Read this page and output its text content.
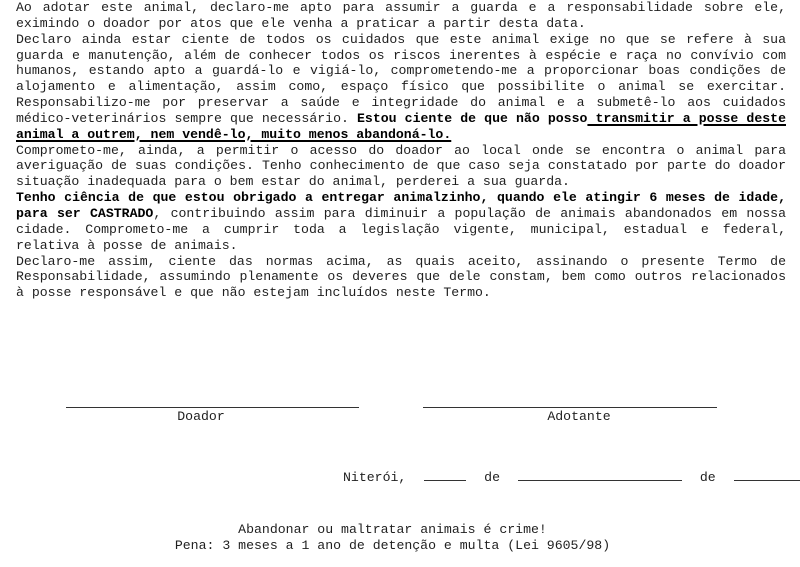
Ao adotar este animal, declaro-me apto para assumir a guarda e a responsabilidade sobre ele, eximindo o doador por atos que ele venha a praticar a partir desta data.

Declaro ainda estar ciente de todos os cuidados que este animal exige no que se refere à sua guarda e manutenção, além de conhecer todos os riscos inerentes à espécie e raça no convívio com humanos, estando apto a guardá-lo e vigiá-lo, comprometendo-me a proporcionar boas condições de alojamento e alimentação, assim como, espaço físico que possibilite o animal se exercitar. Responsabilizo-me por preservar a saúde e integridade do animal e a submetê-lo aos cuidados médico-veterinários sempre que necessário. Estou ciente de que não posso transmitir a posse deste animal a outrem, nem vendê-lo, muito menos abandoná-lo.

Comprometo-me, ainda, a permitir o acesso do doador ao local onde se encontra o animal para averiguação de suas condições. Tenho conhecimento de que caso seja constatado por parte do doador situação inadequada para o bem estar do animal, perderei a sua guarda.

Tenho ciência de que estou obrigado a entregar animalzinho, quando ele atingir 6 meses de idade, para ser CASTRADO, contribuindo assim para diminuir a população de animais abandonados em nossa cidade. Comprometo-me a cumprir toda a legislação vigente, municipal, estadual e federal, relativa à posse de animais.

Declaro-me assim, ciente das normas acima, as quais aceito, assinando o presente Termo de Responsabilidade, assumindo plenamente os deveres que dele constam, bem como outros relacionados à posse responsável e que não estejam incluídos neste Termo.

Doador	Adotante
Niterói,	de	de
Abandonar ou maltratar animais é crime!
Pena: 3 meses a 1 ano de detenção e multa (Lei 9605/98)
